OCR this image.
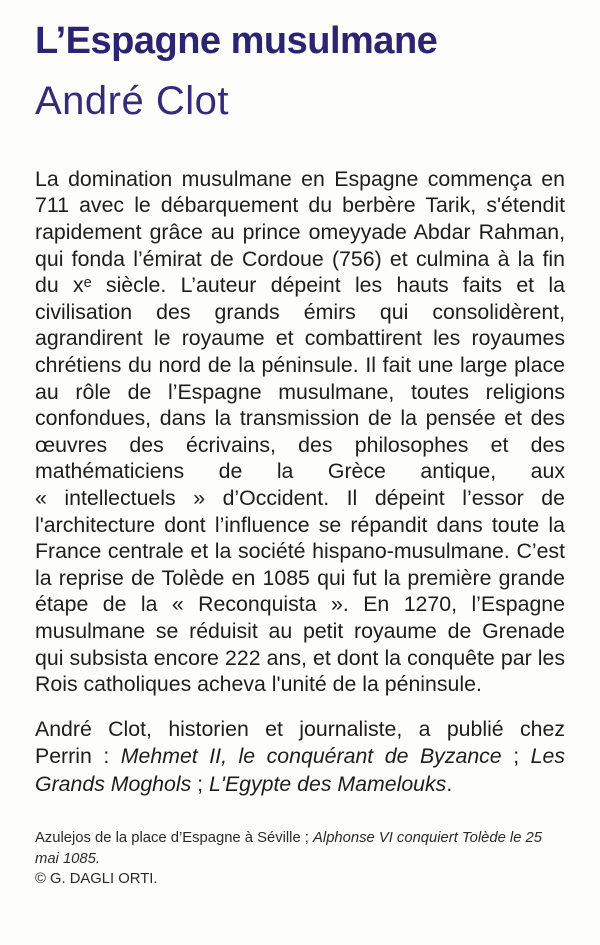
L’Espagne musulmane
André Clot

La domination musulmane en Espagne commença en 711 avec le débarquement du berbère Tarik, s'étendit rapidement grâce au prince omeyyade Abdar Rahman, qui fonda l’émirat de Cordoue (756) et culmina à la fin du xᵉ siècle. L’auteur dépeint les hauts faits et la civilisation des grands émirs qui consolidèrent, agrandirent le royaume et combattirent les royaumes chrétiens du nord de la péninsule. Il fait une large place au rôle de l’Espagne musulmane, toutes religions confondues, dans la transmission de la pensée et des œuvres des écrivains, des philosophes et des mathématiciens de la Grèce antique, aux « intellectuels » d’Occident. Il dépeint l’essor de l'architecture dont l’influence se répandit dans toute la France centrale et la société hispano-musulmane. C’est la reprise de Tolède en 1085 qui fut la première grande étape de la « Reconquista ». En 1270, l’Espagne musulmane se réduisit au petit royaume de Grenade qui subsista encore 222 ans, et dont la conquête par les Rois catholiques acheva l'unité de la péninsule.

André Clot, historien et journaliste, a publié chez Perrin : Mehmet II, le conquérant de Byzance ; Les Grands Moghols ; L'Egypte des Mamelouks.

Azulejos de la place d’Espagne à Séville ; Alphonse VI conquiert Tolède le 25 mai 1085.
© G. DAGLI ORTI.
